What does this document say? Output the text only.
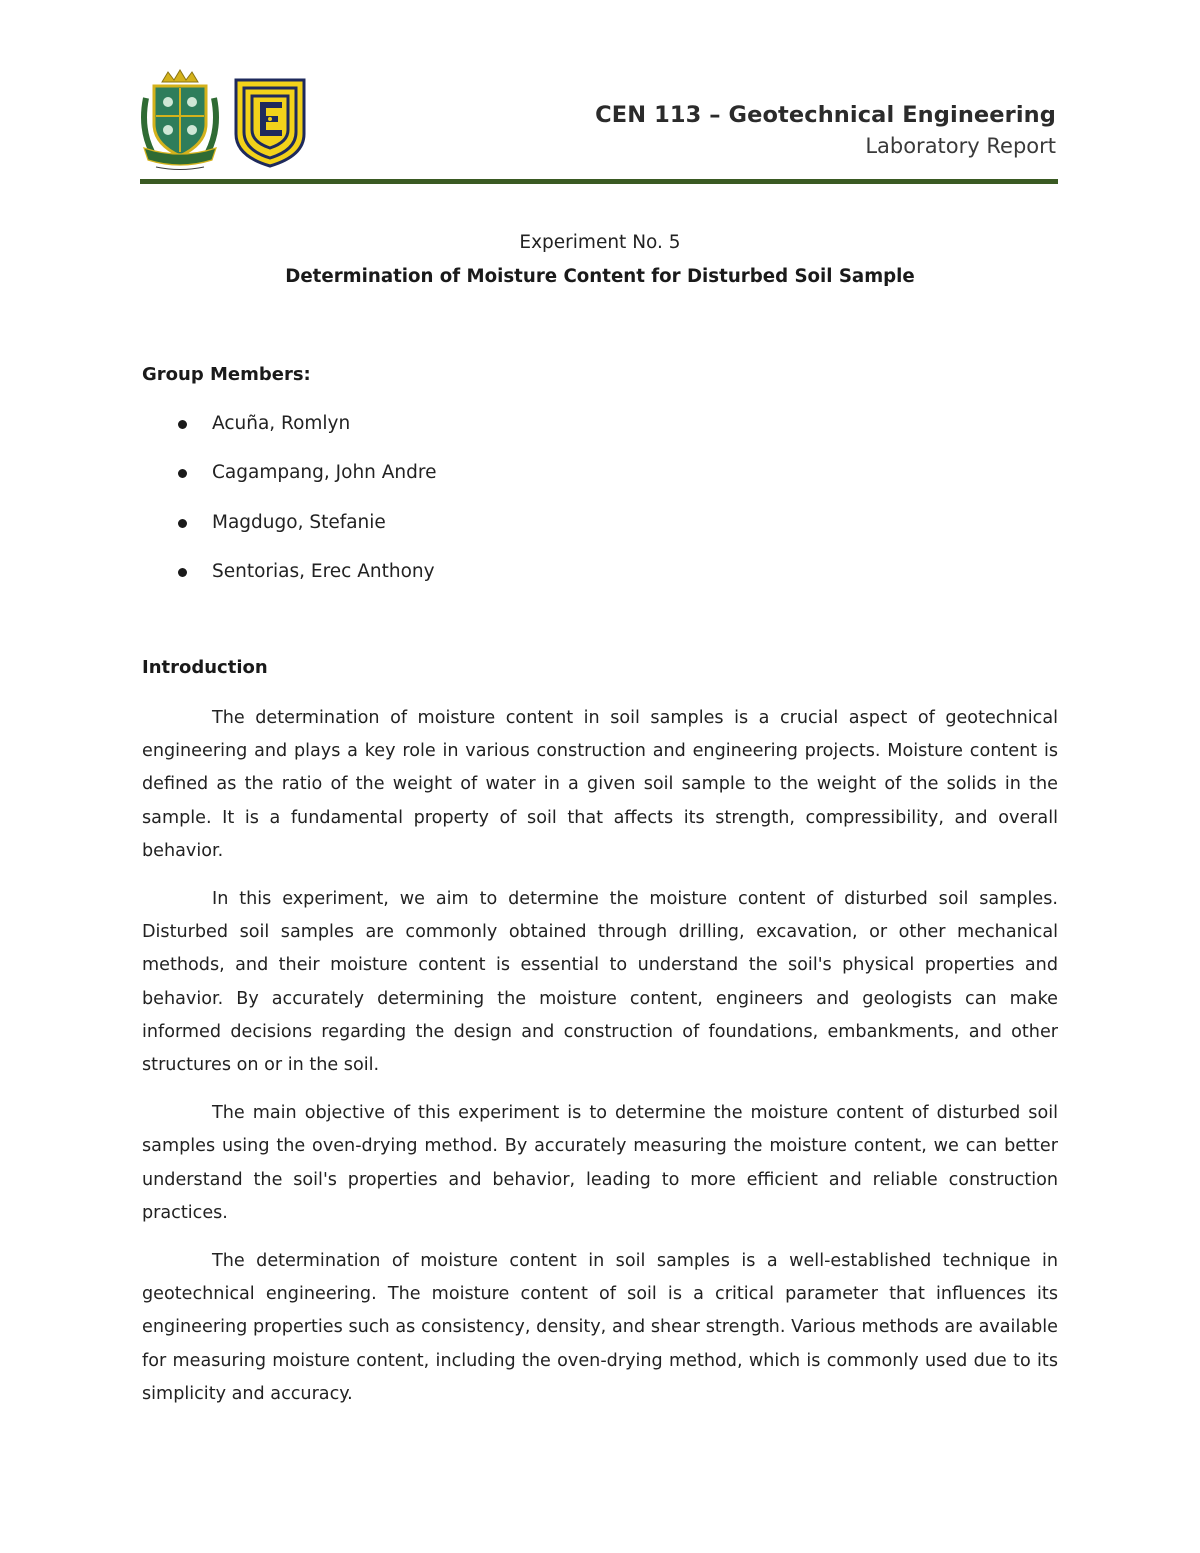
CEN 113 – Geotechnical Engineering
Laboratory Report
Experiment No. 5
Determination of Moisture Content for Disturbed Soil Sample
Group Members:
Acuña, Romlyn
Cagampang, John Andre
Magdugo, Stefanie
Sentorias, Erec Anthony
Introduction

The determination of moisture content in soil samples is a crucial aspect of geotechnical engineering and plays a key role in various construction and engineering projects. Moisture content is defined as the ratio of the weight of water in a given soil sample to the weight of the solids in the sample. It is a fundamental property of soil that affects its strength, compressibility, and overall behavior.

In this experiment, we aim to determine the moisture content of disturbed soil samples. Disturbed soil samples are commonly obtained through drilling, excavation, or other mechanical methods, and their moisture content is essential to understand the soil's physical properties and behavior. By accurately determining the moisture content, engineers and geologists can make informed decisions regarding the design and construction of foundations, embankments, and other structures on or in the soil.

The main objective of this experiment is to determine the moisture content of disturbed soil samples using the oven-drying method. By accurately measuring the moisture content, we can better understand the soil's properties and behavior, leading to more efficient and reliable construction practices.

The determination of moisture content in soil samples is a well-established technique in geotechnical engineering. The moisture content of soil is a critical parameter that influences its engineering properties such as consistency, density, and shear strength. Various methods are available for measuring moisture content, including the oven-drying method, which is commonly used due to its simplicity and accuracy.
